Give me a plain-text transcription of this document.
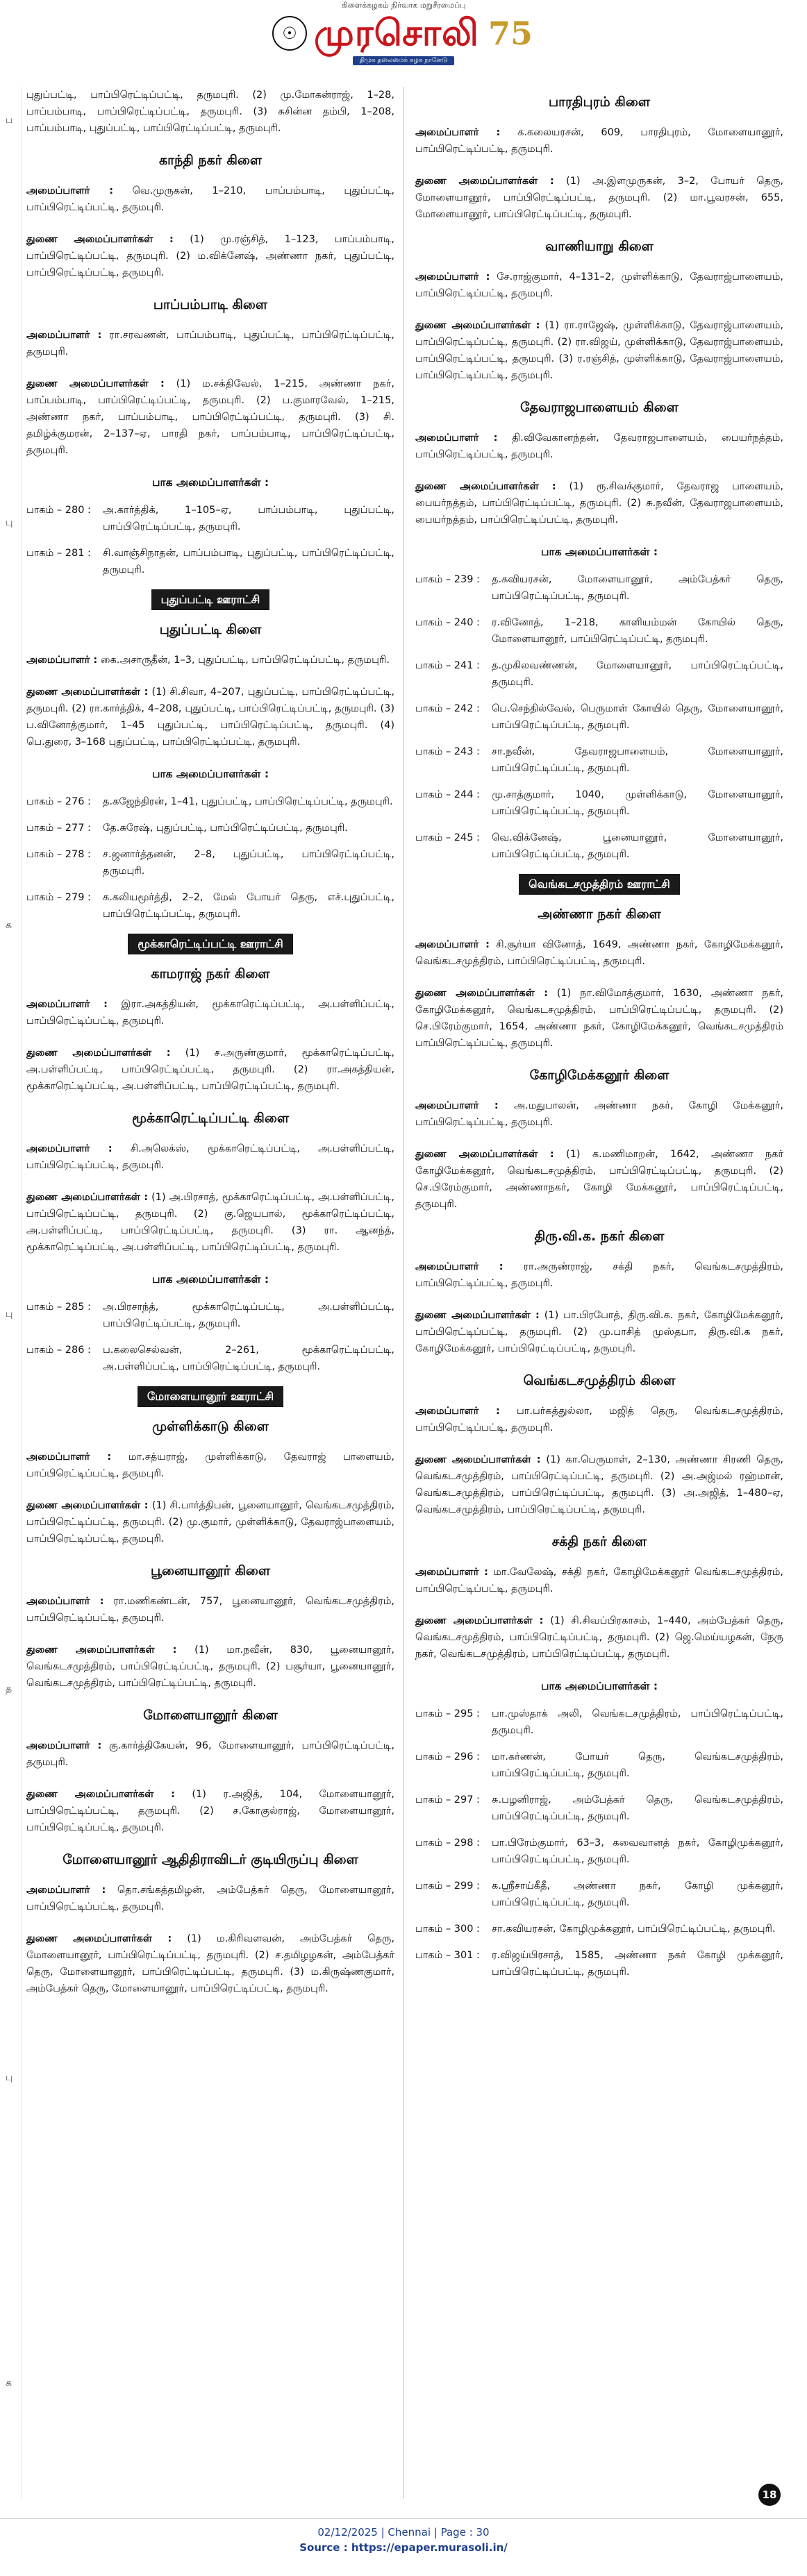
கிளைக்கழகம் நிர்வாக மறுசீரமைப்பு
☉ முரசொலி 75
திமுக தலைமைக் கழக நாளேடு
ப
பு
க
பு
த
பு
க

புதுப்பட்டி, பாப்பிரெட்டிப்பட்டி, தருமபுரி. (2) மு.மோகன்ராஜ், 1–28, பாப்பம்பாடி, பாப்பிரெட்டிப்பட்டி, தருமபுரி. (3) சுசின்ன தம்பி, 1–208, பாப்பம்பாடி, புதுப்பட்டி, பாப்பிரெட்டிப்பட்டி, தருமபுரி.

காந்தி நகர் கிளை

அமைப்பாளர் : வெ.முருகன், 1–210, பாப்பம்பாடி, புதுப்பட்டி, பாப்பிரெட்டிப்பட்டி, தருமபுரி.

துணை அமைப்பாளர்கள் : (1) மு.ரஞ்சித், 1–123, பாப்பம்பாடி, பாப்பிரெட்டிப்பட்டி, தருமபுரி. (2) ம.விக்னேஷ், அண்ணா நகர், புதுப்பட்டி, பாப்பிரெட்டிப்பட்டி, தருமபுரி.

பாப்பம்பாடி கிளை

அமைப்பாளர் : ரா.சரவணன், பாப்பம்பாடி, புதுப்பட்டி, பாப்பிரெட்டிப்பட்டி, தருமபுரி.

துணை அமைப்பாளர்கள் : (1) ம.சக்திவேல், 1–215, அண்ணா நகர், பாப்பம்பாடி, பாப்பிரெட்டிப்பட்டி, தருமபுரி. (2) ப.குமாரவேல், 1–215, அண்ணா நகர், பாப்பம்பாடி, பாப்பிரெட்டிப்பட்டி, தருமபுரி. (3) சி. தமிழ்க்குமரன், 2–137–ஏ, பாரதி நகர், பாப்பம்பாடி, பாப்பிரெட்டிப்பட்டி, தருமபுரி.

பாக அமைப்பாளர்கள் :
பாகம் – 280 :	அ.கார்த்திக், 1–105–ஏ, பாப்பம்பாடி, புதுப்பட்டி, பாப்பிரெட்டிப்பட்டி, தருமபுரி.
பாகம் – 281 :	சி.வாஞ்சிநாதன், பாப்பம்பாடி, புதுப்பட்டி, பாப்பிரெட்டிப்பட்டி, தருமபுரி.
புதுப்பட்டி ஊராட்சி
புதுப்பட்டி கிளை

அமைப்பாளர் : கை.அசாருதீன், 1–3, புதுப்பட்டி, பாப்பிரெட்டிப்பட்டி, தருமபுரி.

துணை அமைப்பாளர்கள் : (1) சி.சிவா, 4–207, புதுப்பட்டி, பாப்பிரெட்டிப்பட்டி, தருமபுரி. (2) ரா.கார்த்திக், 4–208, புதுப்பட்டி, பாப்பிரெட்டிப்பட்டி, தருமபுரி. (3) ப.வினோத்குமார், 1–45 புதுப்பட்டி, பாப்பிரெட்டிப்பட்டி, தருமபுரி. (4) பெ.துரை, 3–168 புதுப்பட்டி, பாப்பிரெட்டிப்பட்டி, தருமபுரி.

பாக அமைப்பாளர்கள் :
பாகம் – 276 :	த.கஜேந்திரன், 1–41, புதுப்பட்டி, பாப்பிரெட்டிப்பட்டி, தருமபுரி.
பாகம் – 277 :	தே.சுரேஷ், புதுப்பட்டி, பாப்பிரெட்டிப்பட்டி, தருமபுரி.
பாகம் – 278 :	ச.ஜனார்த்தனன், 2–8, புதுப்பட்டி, பாப்பிரெட்டிப்பட்டி, தருமபுரி.
பாகம் – 279 :	க.கலியமூர்த்தி, 2–2, மேல் போயர் தெரு, எச்.புதுப்பட்டி, பாப்பிரெட்டிப்பட்டி, தருமபுரி.
மூக்காரெட்டிப்பட்டி ஊராட்சி
காமராஜ் நகர் கிளை

அமைப்பாளர் : இரா.அகத்தியன், மூக்காரெட்டிப்பட்டி, அ.பள்ளிப்பட்டி, பாப்பிரெட்டிப்பட்டி, தருமபுரி.

துணை அமைப்பாளர்கள் : (1) ச.அருண்குமார், மூக்காரெட்டிப்பட்டி, அ.பள்ளிப்பட்டி, பாப்பிரெட்டிப்பட்டி, தருமபுரி. (2) ரா.அகத்தியன், மூக்காரெட்டிப்பட்டி, அ.பள்ளிப்பட்டி, பாப்பிரெட்டிப்பட்டி, தருமபுரி.

மூக்காரெட்டிப்பட்டி கிளை

அமைப்பாளர் : சி.அலெக்ஸ், மூக்காரெட்டிப்பட்டி, அ.பள்ளிப்பட்டி, பாப்பிரெட்டிப்பட்டி, தருமபுரி.

துணை அமைப்பாளர்கள் : (1) அ.பிரசாத், மூக்காரெட்டிப்பட்டி, அ.பள்ளிப்பட்டி, பாப்பிரெட்டிப்பட்டி, தருமபுரி. (2) கு.ஜெயபால், மூக்காரெட்டிப்பட்டி, அ.பள்ளிப்பட்டி, பாப்பிரெட்டிப்பட்டி, தருமபுரி. (3) ரா. ஆனந்த், மூக்காரெட்டிப்பட்டி, அ.பள்ளிப்பட்டி, பாப்பிரெட்டிப்பட்டி, தருமபுரி.

பாக அமைப்பாளர்கள் :
பாகம் – 285 :	அ.பிரசாந்த், மூக்காரெட்டிப்பட்டி, அ.பள்ளிப்பட்டி, பாப்பிரெட்டிப்பட்டி, தருமபுரி.
பாகம் – 286 :	ப.கலைசெல்வன், 2–261, மூக்காரெட்டிப்பட்டி, அ.பள்ளிப்பட்டி, பாப்பிரெட்டிப்பட்டி, தருமபுரி.
மோளையானூர் ஊராட்சி
முள்ளிக்காடு கிளை

அமைப்பாளர் : மா.சத்யராஜ், முள்ளிக்காடு, தேவராஜ் பாளையம், பாப்பிரெட்டிப்பட்டி, தருமபுரி.

துணை அமைப்பாளர்கள் : (1) சி.பார்த்திபன், பூனையானூர், வெங்கடசமுத்திரம், பாப்பிரெட்டிப்பட்டி, தருமபுரி. (2) மு.குமார், முள்ளிக்காடு, தேவராஜ்பாளையம், பாப்பிரெட்டிப்பட்டி, தருமபுரி.

பூனையானூர் கிளை

அமைப்பாளர் : ரா.மணிகண்டன், 757, பூனையானூர், வெங்கடசமுத்திரம், பாப்பிரெட்டிப்பட்டி, தருமபுரி.

துணை அமைப்பாளர்கள் : (1) மா.நவீன், 830, பூனையானூர், வெங்கடசமுத்திரம், பாப்பிரெட்டிப்பட்டி, தருமபுரி. (2) பசூர்யா, பூனையானூர், வெங்கடசமுத்திரம், பாப்பிரெட்டிப்பட்டி, தருமபுரி.

மோளையானூர் கிளை

அமைப்பாளர் : கு.கார்த்திகேயன், 96, மோளையானூர், பாப்பிரெட்டிப்பட்டி, தருமபுரி.

துணை அமைப்பாளர்கள் : (1) ர.அஜித், 104, மோளையானூர், பாப்பிரெட்டிப்பட்டி, தருமபுரி. (2) ச.கோகுல்ராஜ், மோளையானூர், பாப்பிரெட்டிப்பட்டி, தருமபுரி.

மோளையானூர் ஆதிதிராவிடர் குடியிருப்பு கிளை

அமைப்பாளர் : தொ.சங்கத்தமிழன், அம்பேத்கர் தெரு, மோளையானூர், பாப்பிரெட்டிப்பட்டி, தருமபுரி.

துணை அமைப்பாளர்கள் : (1) ம.கிரிவளவன், அம்பேத்கர் தெரு, மோளையானூர், பாப்பிரெட்டிப்பட்டி, தருமபுரி. (2) ச.தமிழழகன், அம்பேத்கர் தெரு, மோளையானூர், பாப்பிரெட்டிப்பட்டி, தருமபுரி. (3) ம.கிருஷ்ணகுமார், அம்பேத்கர் தெரு, மோளையானூர், பாப்பிரெட்டிப்பட்டி, தருமபுரி.

பாரதிபுரம் கிளை

அமைப்பாளர் : க.கலையரசன், 609, பாரதிபுரம், மோளையானூர், பாப்பிரெட்டிப்பட்டி, தருமபுரி.

துணை அமைப்பாளர்கள் : (1) அ.இளமுருகன், 3–2, போயர் தெரு, மோளையானூர், பாப்பிரெட்டிப்பட்டி, தருமபுரி. (2) மா.பூவரசன், 655, மோளையானூர், பாப்பிரெட்டிப்பட்டி, தருமபுரி.

வாணியாறு கிளை

அமைப்பாளர் : சே.ராஜ்குமார், 4–131–2, முள்ளிக்காடு, தேவராஜ்பாளையம், பாப்பிரெட்டிப்பட்டி, தருமபுரி.

துணை அமைப்பாளர்கள் : (1) ரா.ராஜேஷ், முள்ளிக்காடு, தேவராஜ்பாளையம், பாப்பிரெட்டிப்பட்டி, தருமபுரி. (2) ரா.விஜய், முள்ளிக்காடு, தேவராஜ்பாளையம், பாப்பிரெட்டிப்பட்டி, தருமபுரி. (3) ர.ரஞ்சித், முள்ளிக்காடு, தேவராஜ்பாளையம், பாப்பிரெட்டிப்பட்டி, தருமபுரி.

தேவராஜபாளையம் கிளை

அமைப்பாளர் : தி.விவேகானந்தன், தேவராஜபாளையம், பையர்நத்தம், பாப்பிரெட்டிப்பட்டி, தருமபுரி.

துணை அமைப்பாளர்கள் : (1) ரூ.சிவக்குமார், தேவராஜ பாளையம், பையர்நத்தம், பாப்பிரெட்டிப்பட்டி, தருமபுரி. (2) சு.நவீன், தேவராஜபாளையம், பையர்நத்தம், பாப்பிரெட்டிப்பட்டி, தருமபுரி.

பாக அமைப்பாளர்கள் :
பாகம் – 239 :	த.கவியரசன், மோளையானூர், அம்பேத்கர் தெரு, பாப்பிரெட்டிப்பட்டி, தருமபுரி.
பாகம் – 240 :	ர.வினோத், 1–218, காளியம்மன் கோயில் தெரு, மோளையானூர், பாப்பிரெட்டிப்பட்டி, தருமபுரி.
பாகம் – 241 :	த.முகிலவண்ணன், மோளையானூர், பாப்பிரெட்டிப்பட்டி, தருமபுரி.
பாகம் – 242 :	பெ.செந்தில்வேல், பெருமாள் கோயில் தெரு, மோளையானூர், பாப்பிரெட்டிப்பட்டி, தருமபுரி.
பாகம் – 243 :	சா.நவீன், தேவராஜபாளையம், மோளையானூர், பாப்பிரெட்டிப்பட்டி, தருமபுரி.
பாகம் – 244 :	மு.சாத்குமார், 1040, முள்ளிக்காடு, மோளையானூர், பாப்பிரெட்டிப்பட்டி, தருமபுரி.
பாகம் – 245 :	வெ.விக்னேஷ், பூனையானூர், மோளையானூர், பாப்பிரெட்டிப்பட்டி, தருமபுரி.
வெங்கடசமுத்திரம் ஊராட்சி
அண்ணா நகர் கிளை

அமைப்பாளர் : சி.சூர்யா வினோத், 1649, அண்ணா நகர், கோழிமேக்கனூர், வெங்கடசமுத்திரம், பாப்பிரெட்டிப்பட்டி, தருமபுரி.

துணை அமைப்பாளர்கள் : (1) நா.விமோத்குமார், 1630, அண்ணா நகர், கோழிமேக்கனூர், வெங்கடசமுத்திரம், பாப்பிரெட்டிப்பட்டி, தருமபுரி. (2) செ.பிரேம்குமார், 1654, அண்ணா நகர், கோழிமேக்கனூர், வெங்கடசமுத்திரம் பாப்பிரெட்டிப்பட்டி, தருமபுரி.

கோழிமேக்கனூர் கிளை

அமைப்பாளர் : அ.மதுபாலன், அண்ணா நகர், கோழி மேக்கனூர், பாப்பிரெட்டிப்பட்டி, தருமபுரி.

துணை அமைப்பாளர்கள் : (1) க.மணிமாறன், 1642, அண்ணா நகர் கோழிமேக்கனூர், வெங்கடசமுத்திரம், பாப்பிரெட்டிப்பட்டி, தருமபுரி. (2) செ.பிரேம்குமார், அண்ணாநகர், கோழி மேக்கனூர், பாப்பிரெட்டிப்பட்டி, தருமபுரி.

திரு.வி.க. நகர் கிளை

அமைப்பாளர் : ரா.அருண்ராஜ், சக்தி நகர், வெங்கடசமுத்திரம், பாப்பிரெட்டிப்பட்டி, தருமபுரி.

துணை அமைப்பாளர்கள் : (1) பா.பிரபோத், திரு.வி.க. நகர், கோழிமேக்கனூர், பாப்பிரெட்டிப்பட்டி, தருமபுரி. (2) மு.பாசித் முஸ்தபா, திரு.வி.க நகர், கோழிமேக்கனூர், பாப்பிரெட்டிப்பட்டி, தருமபுரி.

வெங்கடசமுத்திரம் கிளை

அமைப்பாளர் : பா.பர்கத்துல்லா, மஜித் தெரு, வெங்கடசமுத்திரம், பாப்பிரெட்டிப்பட்டி, தருமபுரி.

துணை அமைப்பாளர்கள் : (1) கா.பெருமாள், 2–130, அண்ணா சிரணி தெரு, வெங்கடசமுத்திரம், பாப்பிரெட்டிப்பட்டி, தருமபுரி. (2) அ.அஜ்மல் ரஹ்மான், வெங்கடசமுத்திரம், பாப்பிரெட்டிப்பட்டி, தருமபுரி. (3) அ.அஜித், 1–480–ஏ, வெங்கடசமுத்திரம், பாப்பிரெட்டிப்பட்டி, தருமபுரி.

சக்தி நகர் கிளை

அமைப்பாளர் : மா.வேலேஷ், சக்தி நகர், கோழிமேக்கனூர் வெங்கடசமுத்திரம், பாப்பிரெட்டிப்பட்டி, தருமபுரி.

துணை அமைப்பாளர்கள் : (1) சி.சிவப்பிரகாசம், 1–440, அம்பேத்கர் தெரு, வெங்கடசமுத்திரம், பாப்பிரெட்டிப்பட்டி, தருமபுரி. (2) ஜெ.மெய்யழகன், நேரு நகர், வெங்கடசமுத்திரம், பாப்பிரெட்டிப்பட்டி, தருமபுரி.

பாக அமைப்பாளர்கள் :
பாகம் – 295 :	பா.முஸ்தாக் அலி, வெங்கடசமுத்திரம், பாப்பிரெட்டிப்பட்டி, தருமபுரி.
பாகம் – 296 :	மா.கர்ணன், போயர் தெரு, வெங்கடசமுத்திரம், பாப்பிரெட்டிப்பட்டி, தருமபுரி.
பாகம் – 297 :	சு.பழனிராஜ், அம்பேத்கர் தெரு, வெங்கடசமுத்திரம், பாப்பிரெட்டிப்பட்டி, தருமபுரி.
பாகம் – 298 :	பா.பிரேம்குமார், 63–3, கவைவானத் நகர், கோழிமுக்கனூர், பாப்பிரெட்டிப்பட்டி, தருமபுரி.
பாகம் – 299 :	க.ஸ்ரீசாய்கீதீ, அண்ணா நகர், கோழி முக்கனூர், பாப்பிரெட்டிப்பட்டி, தருமபுரி.
பாகம் – 300 :	சா.கவியரசன், கோழிமுக்கனூர், பாப்பிரெட்டிப்பட்டி, தருமபுரி.
பாகம் – 301 :	ர.விஜய்பிரசாத், 1585, அண்ணா நகர் கோழி முக்கனூர், பாப்பிரெட்டிப்பட்டி, தருமபுரி.
18
02/12/2025 | Chennai | Page : 30
Source : https://epaper.murasoli.in/
